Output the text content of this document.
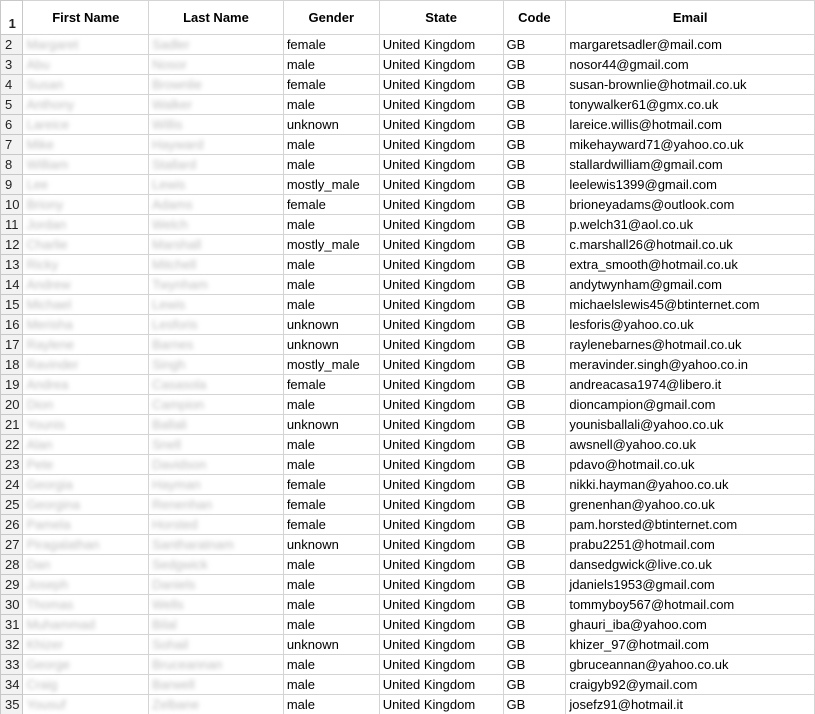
1	First Name	Last Name	Gender	State	Code	Email
2	Margaret	Sadler	female	United Kingdom	GB	margaretsadler@mail.com
3	Abu	Nosor	male	United Kingdom	GB	nosor44@gmail.com
4	Susan	Brownlie	female	United Kingdom	GB	susan-brownlie@hotmail.co.uk
5	Anthony	Walker	male	United Kingdom	GB	tonywalker61@gmx.co.uk
6	Lareice	Willis	unknown	United Kingdom	GB	lareice.willis@hotmail.com
7	Mike	Hayward	male	United Kingdom	GB	mikehayward71@yahoo.co.uk
8	William	Stallard	male	United Kingdom	GB	stallardwilliam@gmail.com
9	Lee	Lewis	mostly_male	United Kingdom	GB	leelewis1399@gmail.com
10	Briony	Adams	female	United Kingdom	GB	brioneyadams@outlook.com
11	Jordan	Welch	male	United Kingdom	GB	p.welch31@aol.co.uk
12	Charlie	Marshall	mostly_male	United Kingdom	GB	c.marshall26@hotmail.co.uk
13	Ricky	Mitchell	male	United Kingdom	GB	extra_smooth@hotmail.co.uk
14	Andrew	Twynham	male	United Kingdom	GB	andytwynham@gmail.com
15	Michael	Lewis	male	United Kingdom	GB	michaelslewis45@btinternet.com
16	Merisha	Lesforis	unknown	United Kingdom	GB	lesforis@yahoo.co.uk
17	Raylene	Barnes	unknown	United Kingdom	GB	raylenebarnes@hotmail.co.uk
18	Ravinder	Singh	mostly_male	United Kingdom	GB	meravinder.singh@yahoo.co.in
19	Andrea	Casasola	female	United Kingdom	GB	andreacasa1974@libero.it
20	Dion	Campion	male	United Kingdom	GB	dioncampion@gmail.com
21	Younis	Ballali	unknown	United Kingdom	GB	younisballali@yahoo.co.uk
22	Alan	Snell	male	United Kingdom	GB	awsnell@yahoo.co.uk
23	Pete	Davidson	male	United Kingdom	GB	pdavo@hotmail.co.uk
24	Georgia	Hayman	female	United Kingdom	GB	nikki.hayman@yahoo.co.uk
25	Georgina	Renenhan	female	United Kingdom	GB	grenenhan@yahoo.co.uk
26	Pamela	Horsted	female	United Kingdom	GB	pam.horsted@btinternet.com
27	Piragalathan	Santharatnam	unknown	United Kingdom	GB	prabu2251@hotmail.com
28	Dan	Sedgwick	male	United Kingdom	GB	dansedgwick@live.co.uk
29	Joseph	Daniels	male	United Kingdom	GB	jdaniels1953@gmail.com
30	Thomas	Wells	male	United Kingdom	GB	tommyboy567@hotmail.com
31	Muhammad	Bilal	male	United Kingdom	GB	ghauri_iba@yahoo.com
32	Khizer	Sohail	unknown	United Kingdom	GB	khizer_97@hotmail.com
33	George	Bruceannan	male	United Kingdom	GB	gbruceannan@yahoo.co.uk
34	Craig	Barwell	male	United Kingdom	GB	craigyb92@ymail.com
35	Yousuf	Zelbane	male	United Kingdom	GB	josefz91@hotmail.it
